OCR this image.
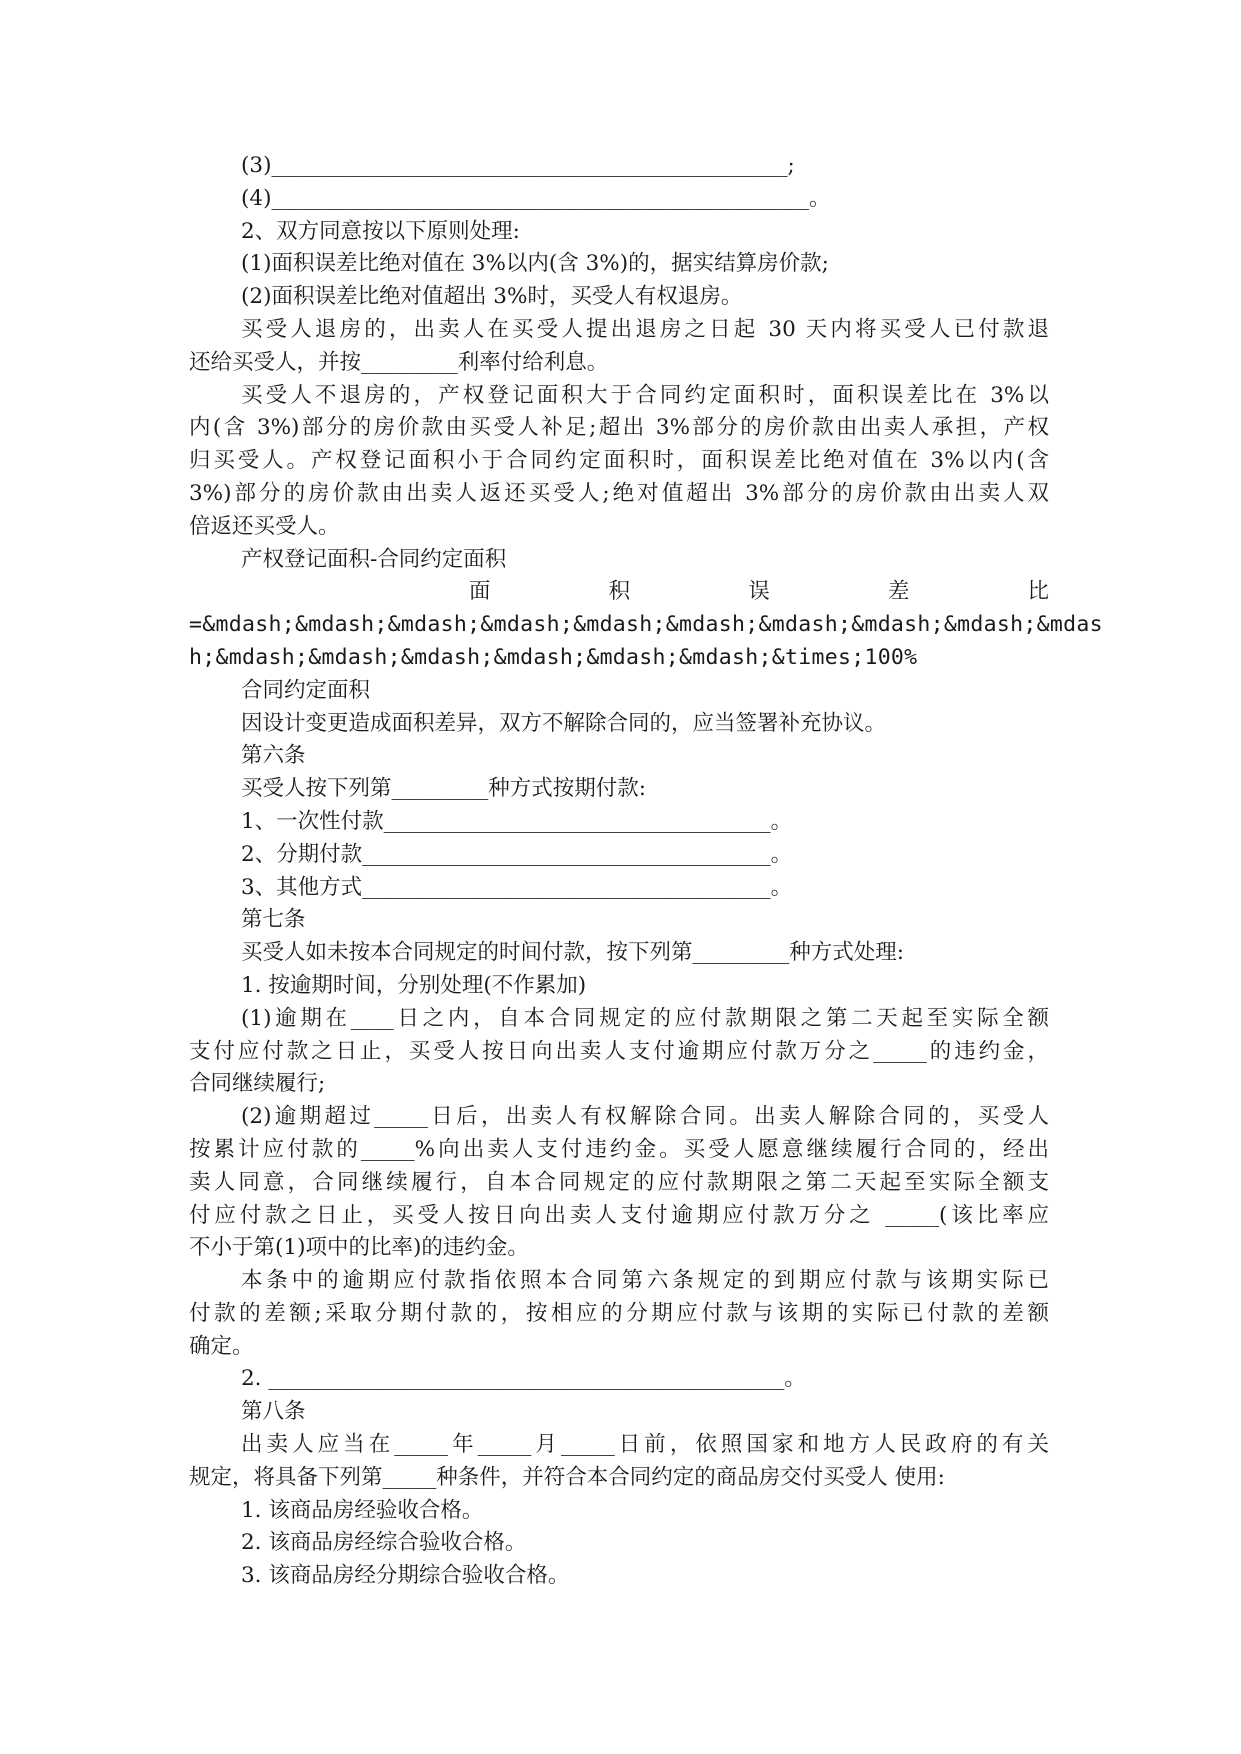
(3)________________________________________________;
(4)__________________________________________________。
2、双方同意按以下原则处理:
(1)面积误差比绝对值在 3%以内(含 3%)的，据实结算房价款;
(2)面积误差比绝对值超出 3%时，买受人有权退房。
买受人退房的，出卖人在买受人提出退房之日起 30 天内将买受人已付款退
还给买受人，并按_________利率付给利息。
买受人不退房的，产权登记面积大于合同约定面积时，面积误差比在 3%以
内(含 3%)部分的房价款由买受人补足;超出 3%部分的房价款由出卖人承担，产权
归买受人。产权登记面积小于合同约定面积时，面积误差比绝对值在 3%以内(含
3%)部分的房价款由出卖人返还买受人;绝对值超出 3%部分的房价款由出卖人双
倍返还买受人。
产权登记面积-合同约定面积
面	积	误	差	比
=&mdash;&mdash;&mdash;&mdash;&mdash;&mdash;&mdash;&mdash;&mdash;&mdas
h;&mdash;&mdash;&mdash;&mdash;&mdash;&mdash;&times;100%
合同约定面积
因设计变更造成面积差异，双方不解除合同的，应当签署补充协议。
第六条
买受人按下列第_________种方式按期付款:
1、一次性付款____________________________________。
2、分期付款______________________________________。
3、其他方式______________________________________。
第七条
买受人如未按本合同规定的时间付款，按下列第_________种方式处理:
1. 按逾期时间，分别处理(不作累加)
(1)逾期在____日之内，自本合同规定的应付款期限之第二天起至实际全额
支付应付款之日止，买受人按日向出卖人支付逾期应付款万分之_____的违约金，
合同继续履行;
(2)逾期超过_____日后，出卖人有权解除合同。出卖人解除合同的，买受人
按累计应付款的_____%向出卖人支付违约金。买受人愿意继续履行合同的，经出
卖人同意，合同继续履行，自本合同规定的应付款期限之第二天起至实际全额支
付应付款之日止，买受人按日向出卖人支付逾期应付款万分之 _____(该比率应
不小于第(1)项中的比率)的违约金。
本条中的逾期应付款指依照本合同第六条规定的到期应付款与该期实际已
付款的差额;采取分期付款的，按相应的分期应付款与该期的实际已付款的差额
确定。
2. ________________________________________________。
第八条
出卖人应当在_____年_____月_____日前，依照国家和地方人民政府的有关
规定，将具备下列第_____种条件，并符合本合同约定的商品房交付买受人 使用:
1. 该商品房经验收合格。
2. 该商品房经综合验收合格。
3. 该商品房经分期综合验收合格。
